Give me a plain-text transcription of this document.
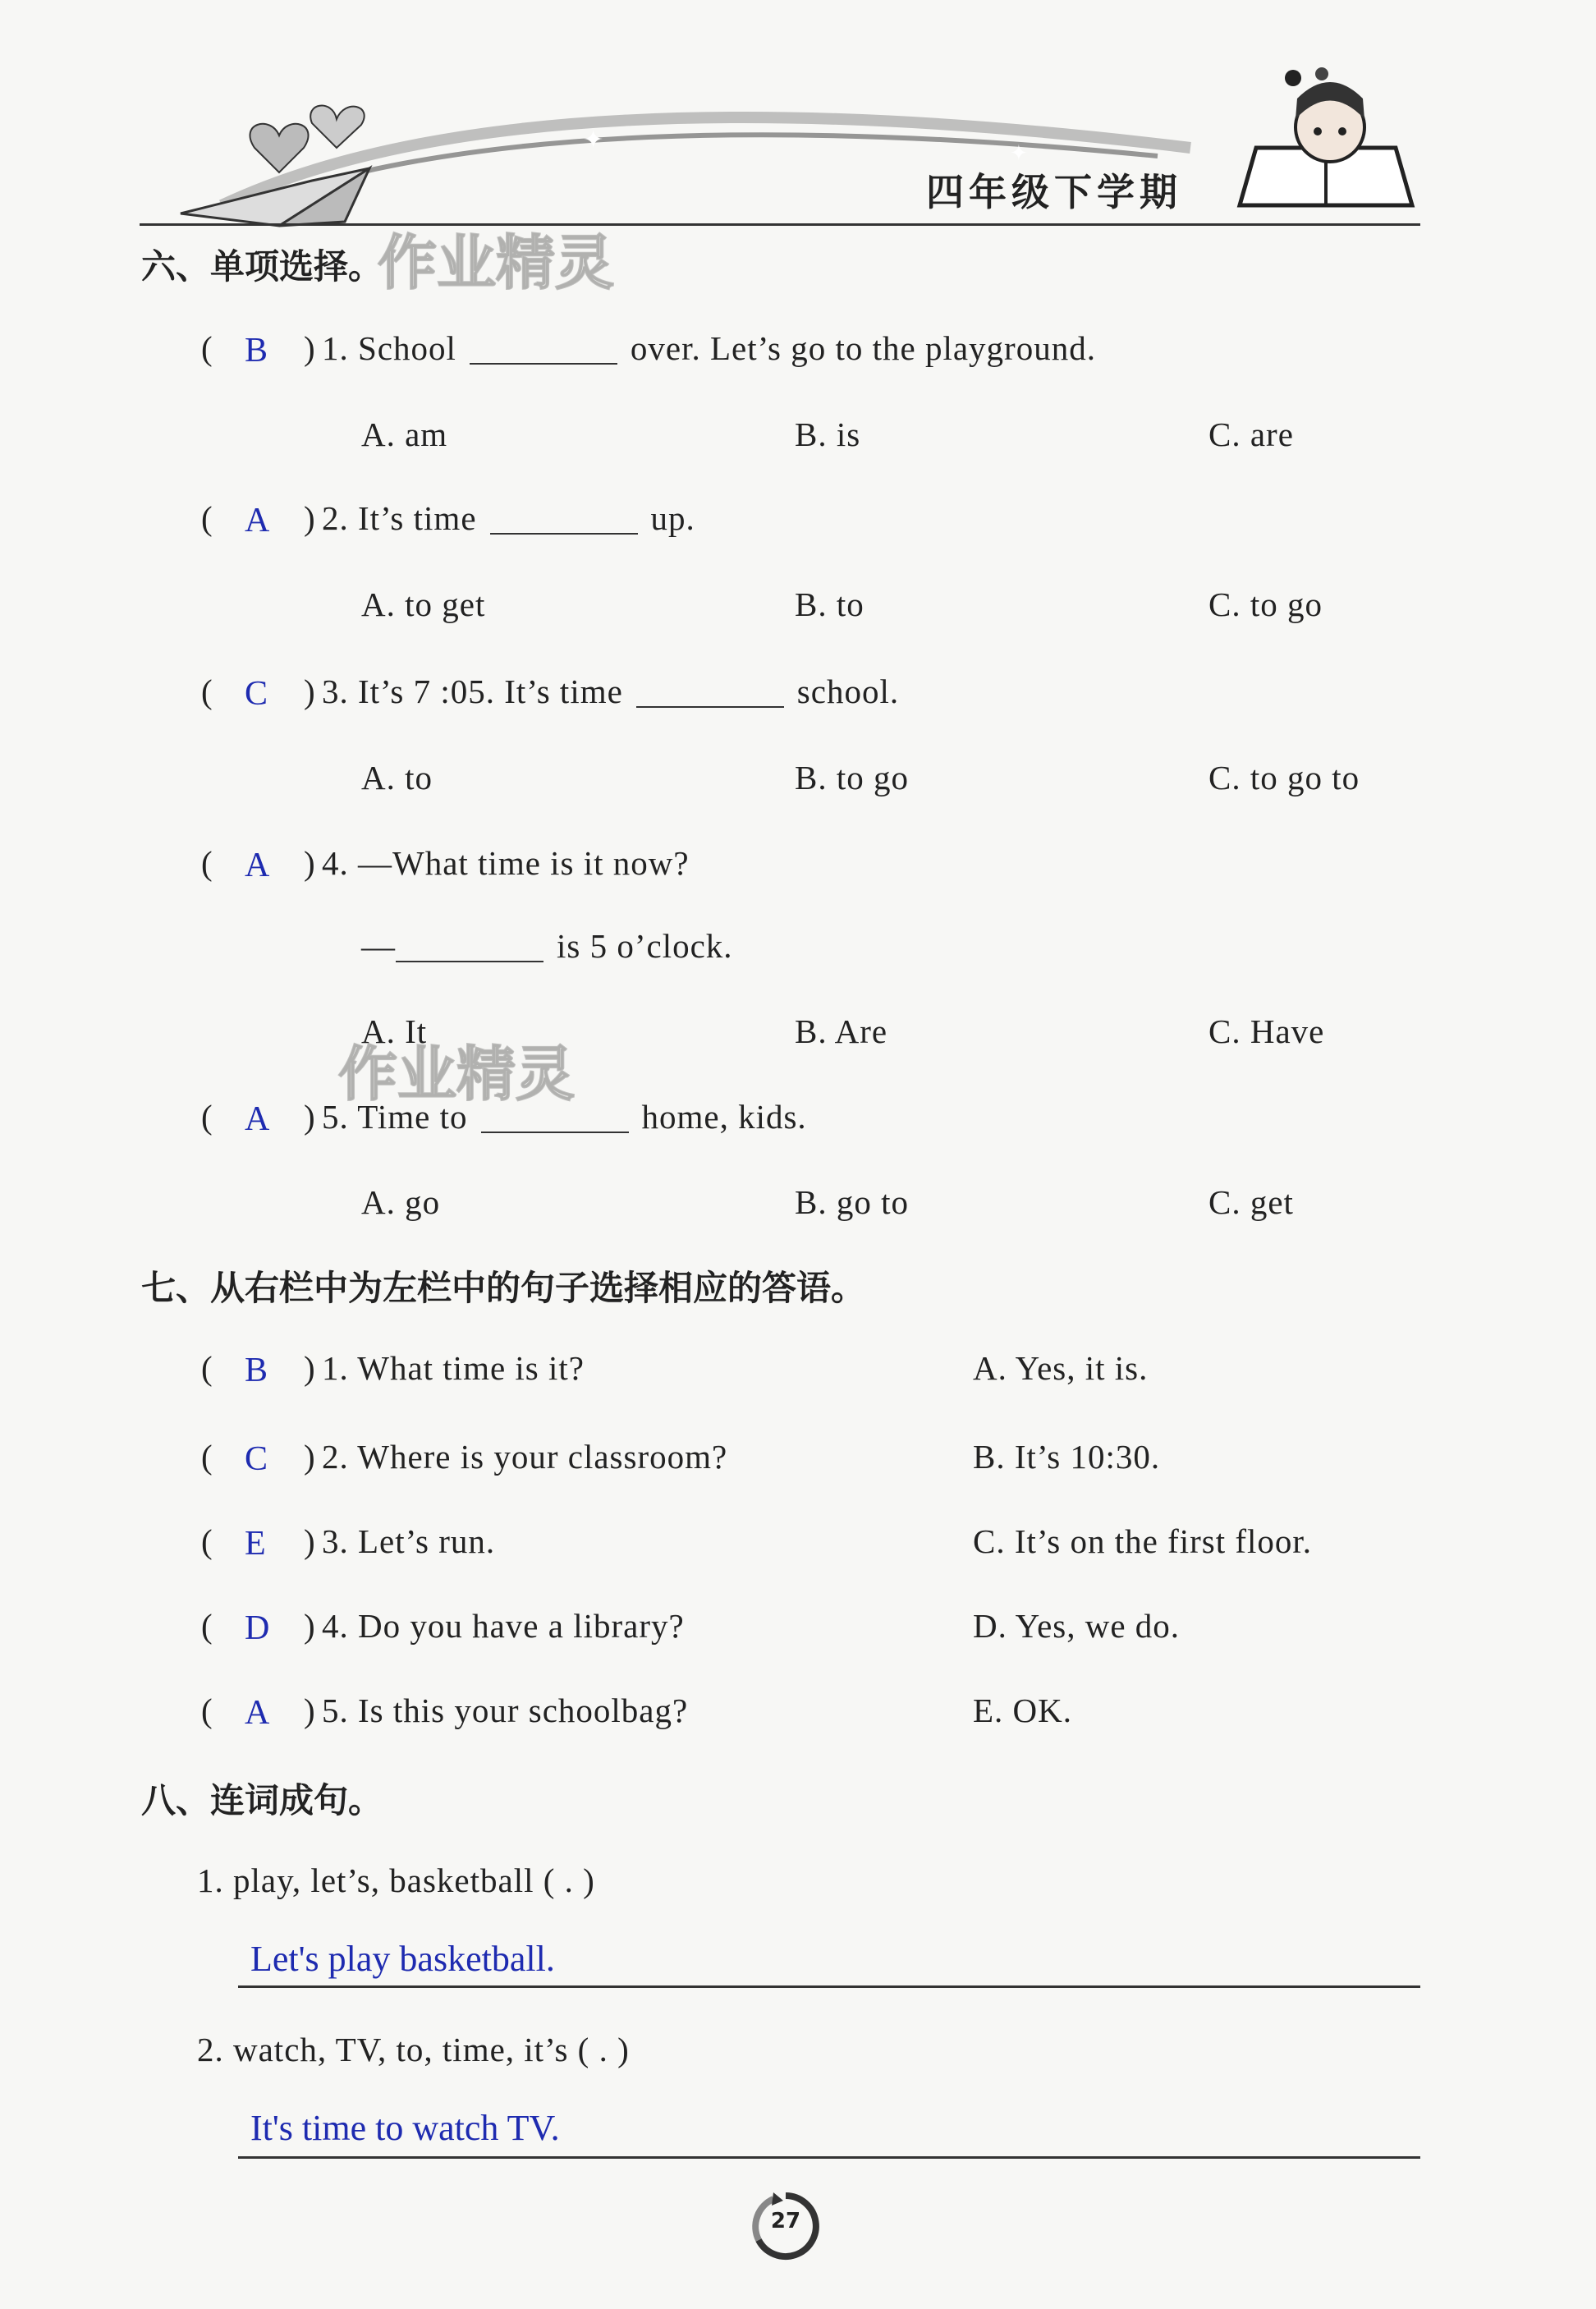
✦	✦
四年级下学期
作业精灵
作业精灵
六、单项选择。
( B ) 1. School	over. Let’s go to the playground.
A. am	B. is	C. are
( A ) 2. It’s time	up.
A. to get	B. to	C. to go
( C ) 3. It’s 7 :05. It’s time	school.
A. to	B. to go	C. to go to
( A ) 4. —What time is it now?
—	is 5 o’clock.
A. It	B. Are	C. Have
( A ) 5. Time to	home, kids.
A. go	B. go to	C. get
七、从右栏中为左栏中的句子选择相应的答语。
( B ) 1. What time is it?	A. Yes, it is.
( C ) 2. Where is your classroom?	B. It’s 10:30.
( E ) 3. Let’s run.	C. It’s on the first floor.
( D ) 4. Do you have a library?	D. Yes, we do.
( A ) 5. Is this your schoolbag?	E. OK.
八、连词成句。
1. play, let’s, basketball ( . )
Let's play basketball.
2. watch, TV, to, time, it’s ( . )
It's time to watch TV.
27
